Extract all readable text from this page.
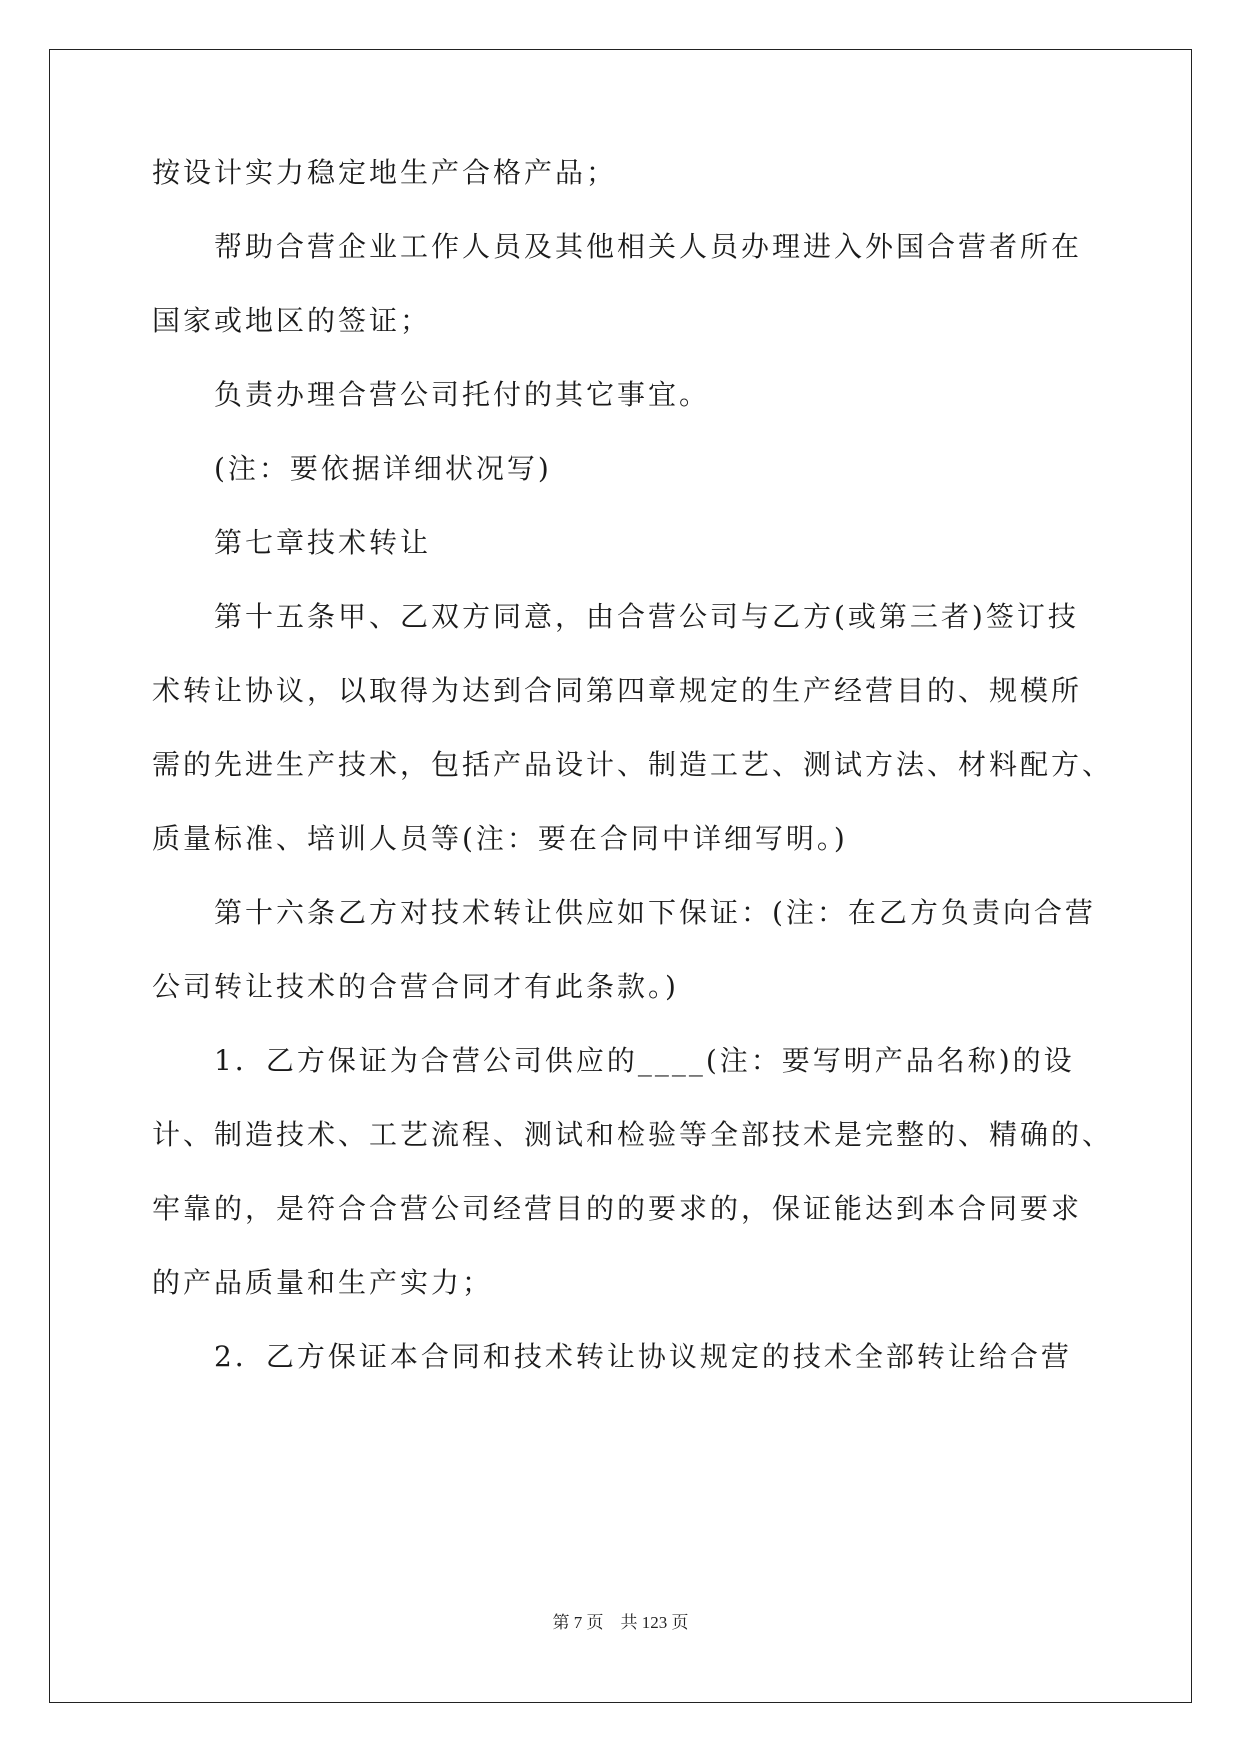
按设计实力稳定地生产合格产品；
帮助合营企业工作人员及其他相关人员办理进入外国合营者所在
国家或地区的签证；
负责办理合营公司托付的其它事宜。
(注：要依据详细状况写)
第七章技术转让
第十五条甲、乙双方同意，由合营公司与乙方(或第三者)签订技
术转让协议，以取得为达到合同第四章规定的生产经营目的、规模所
需的先进生产技术，包括产品设计、制造工艺、测试方法、材料配方、
质量标准、培训人员等(注：要在合同中详细写明。)
第十六条乙方对技术转让供应如下保证：(注：在乙方负责向合营
公司转让技术的合营合同才有此条款。)
1．乙方保证为合营公司供应的____(注：要写明产品名称)的设
计、制造技术、工艺流程、测试和检验等全部技术是完整的、精确的、
牢靠的，是符合合营公司经营目的的要求的，保证能达到本合同要求
的产品质量和生产实力；
2．乙方保证本合同和技术转让协议规定的技术全部转让给合营
第 7 页    共 123 页
